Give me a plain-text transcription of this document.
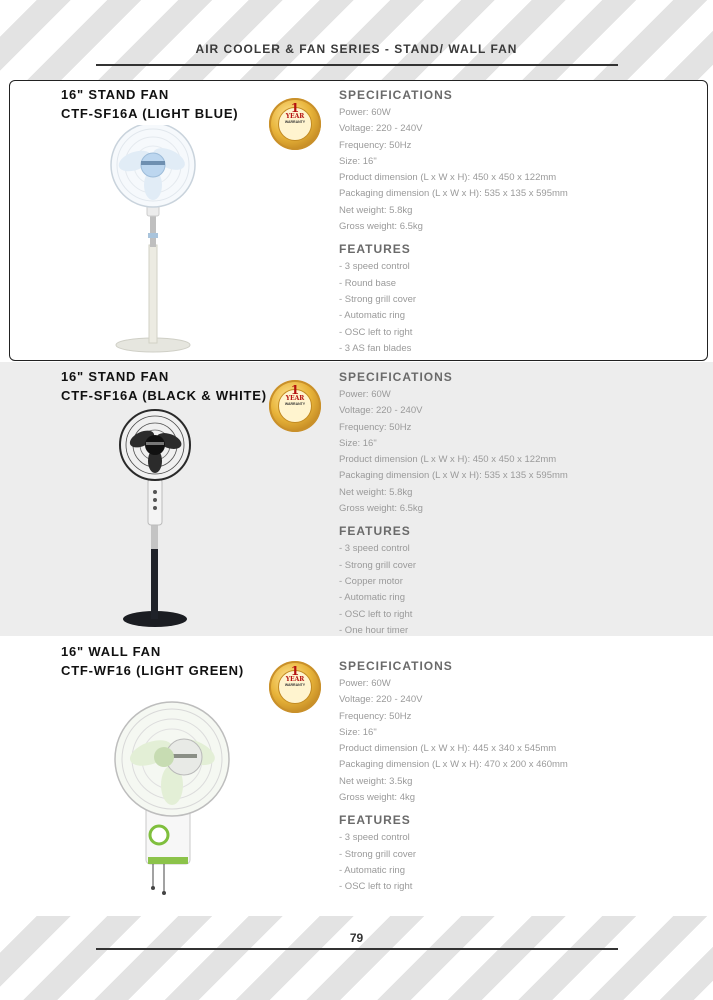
AIR COOLER & FAN SERIES - STAND/ WALL FAN
16" STAND FAN
CTF-SF16A (LIGHT BLUE)	1
YEAR
WARRANTY
SPECIFICATIONS
Power: 60W
Voltage: 220 - 240V
Frequency: 50Hz
Size: 16"
Product dimension (L x W x H): 450 x 450 x 122mm
Packaging dimension (L x W x H): 535 x 135 x 595mm
Net weight: 5.8kg
Gross weight: 6.5kg
FEATURES
- 3 speed control
- Round base
- Strong grill cover
- Automatic ring
- OSC left to right
- 3 AS fan blades
16" STAND FAN
CTF-SF16A (BLACK & WHITE)	1
YEAR
WARRANTY
SPECIFICATIONS
Power: 60W
Voltage: 220 - 240V
Frequency: 50Hz
Size: 16"
Product dimension (L x W x H): 450 x 450 x 122mm
Packaging dimension (L x W x H): 535 x 135 x 595mm
Net weight: 5.8kg
Gross weight: 6.5kg
FEATURES
- 3 speed control
- Strong grill cover
- Copper motor
- Automatic ring
- OSC left to right
- One hour timer
16" WALL FAN
CTF-WF16 (LIGHT GREEN)	1
YEAR
WARRANTY
SPECIFICATIONS
Power: 60W
Voltage: 220 - 240V
Frequency: 50Hz
Size: 16"
Product dimension (L x W x H): 445 x 340 x 545mm
Packaging dimension (L x W x H): 470 x 200 x 460mm
Net weight: 3.5kg
Gross weight: 4kg
FEATURES
- 3 speed control
- Strong grill cover
- Automatic ring
- OSC left to right
79
